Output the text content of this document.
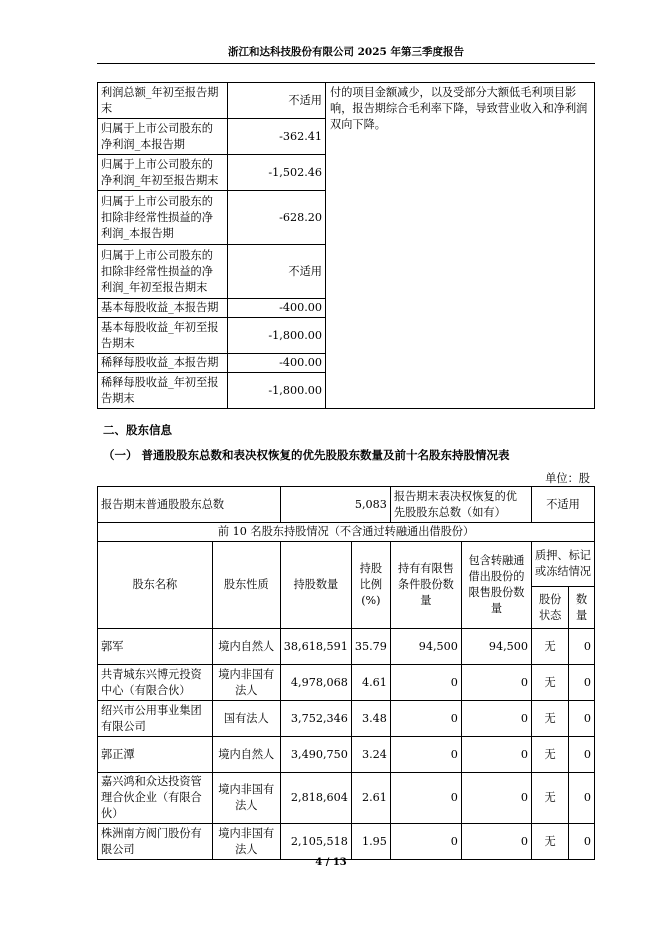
浙江和达科技股份有限公司 2025 年第三季度报告
利润总额_年初至报告期末	不适用	付的项目金额减少，以及受部分大额低毛利项目影响，报告期综合毛利率下降，导致营业收入和净利润双向下降。
归属于上市公司股东的净利润_本报告期	-362.41	
归属于上市公司股东的净利润_年初至报告期末	-1,502.46	
归属于上市公司股东的扣除非经常性损益的净利润_本报告期	-628.20	
归属于上市公司股东的扣除非经常性损益的净利润_年初至报告期末	不适用	
基本每股收益_本报告期	-400.00	
基本每股收益_年初至报告期末	-1,800.00	
稀释每股收益_本报告期	-400.00	
稀释每股收益_年初至报告期末	-1,800.00	
二、股东信息
（一） 普通股股东总数和表决权恢复的优先股股东数量及前十名股东持股情况表
单位：股
报告期末普通股股东总数		5,083		报告期末表决权恢复的优先股股东总数（如有）		不适用	
前 10 名股东持股情况（不含通过转融通出借股份）							
股东名称	股东性质	持股数量	持股比例(%)	持有有限售条件股份数量	包含转融通借出股份的限售股份数量	质押、标记或冻结情况	
						股份状态	数量
郭军	境内自然人	38,618,591	35.79	94,500	94,500	无	0
共青城东兴博元投资中心（有限合伙）	境内非国有法人	4,978,068	4.61	0	0	无	0
绍兴市公用事业集团有限公司	国有法人	3,752,346	3.48	0	0	无	0
郭正潭	境内自然人	3,490,750	3.24	0	0	无	0
嘉兴鸿和众达投资管理合伙企业（有限合伙）	境内非国有法人	2,818,604	2.61	0	0	无	0
株洲南方阀门股份有限公司	境内非国有法人	2,105,518	1.95	0	0	无	0
4 / 13
